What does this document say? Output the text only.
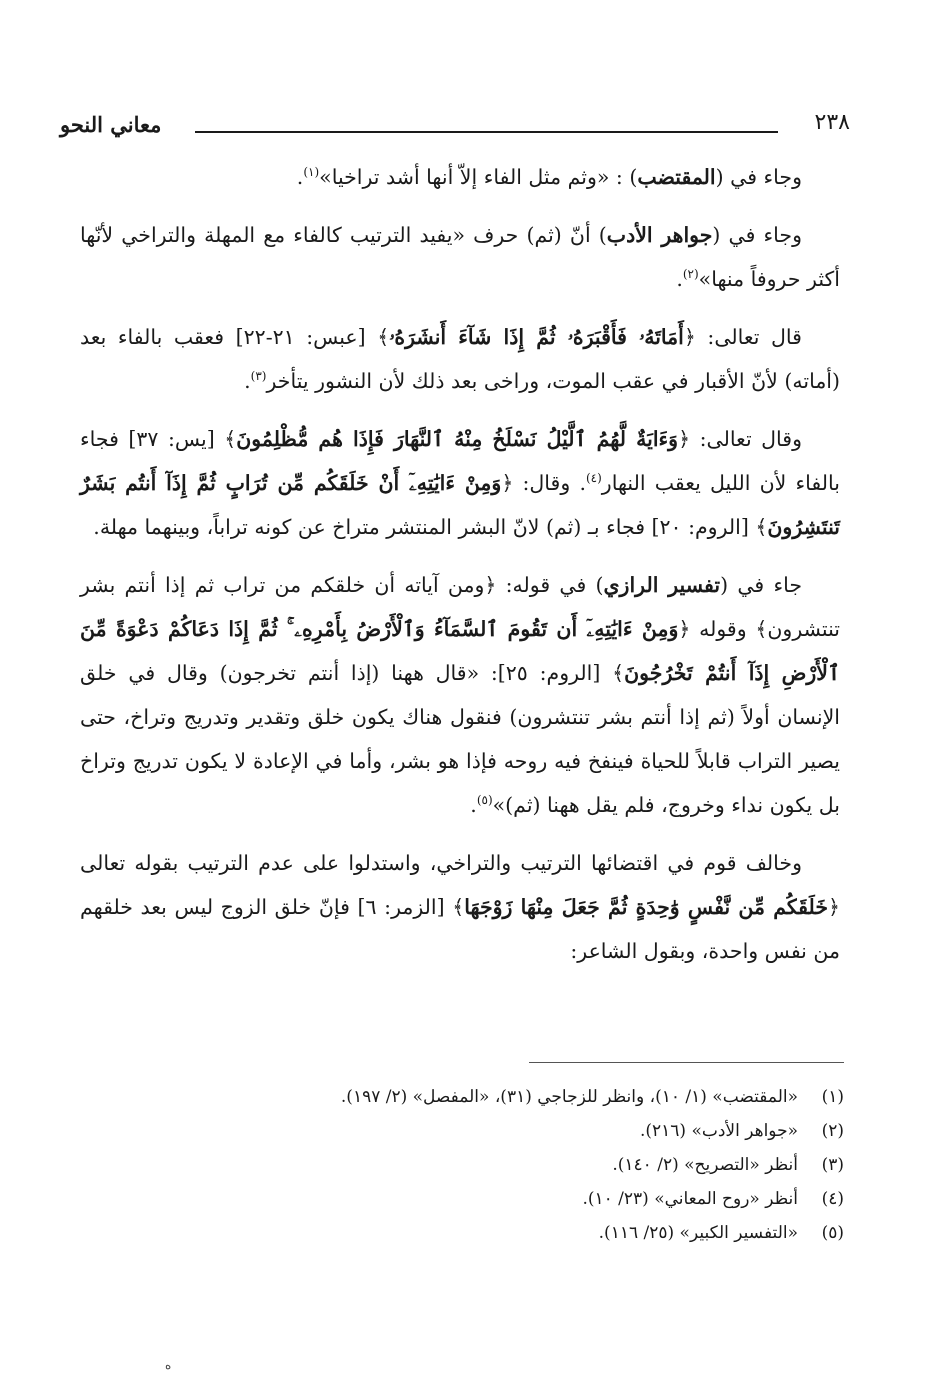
معاني النحو	٢٣٨

وجاء في (المقتضب) : «وثم مثل الفاء إلاّ أنها أشد تراخيا»$^{(١)}$.

وجاء في (جواهر الأدب) أنّ (ثم) حرف «يفيد الترتيب كالفاء مع المهلة والتراخي لأنّها أكثر حروفاً منها»$^{(٢)}$.

قال تعالى: ﴿أَمَاتَهُۥ فَأَقْبَرَهُۥ ثُمَّ إِذَا شَآءَ أَنشَرَهُۥ﴾ [عبس: ٢١-٢٢] فعقب بالفاء بعد (أماته) لأنّ الأقبار في عقب الموت، وراخى بعد ذلك لأن النشور يتأخر$^{(٣)}$.

وقال تعالى: ﴿وَءَايَةٌ لَّهُمُ ٱلَّيْلُ نَسْلَخُ مِنْهُ ٱلنَّهَارَ فَإِذَا هُم مُّظْلِمُونَ﴾ [يس: ٣٧] فجاء بالفاء لأن الليل يعقب النهار$^{(٤)}$. وقال: ﴿وَمِنْ ءَايَٰتِهِۦٓ أَنْ خَلَقَكُم مِّن تُرَابٍ ثُمَّ إِذَآ أَنتُم بَشَرٌ تَنتَشِرُونَ﴾ [الروم: ٢٠] فجاء بـ (ثم) لانّ البشر المنتشر متراخ عن كونه تراباً، وبينهما مهلة.

جاء في (تفسير الرازي) في قوله: ﴿ومن آياته أن خلقكم من تراب ثم إذا أنتم بشر تنتشرون﴾ وقوله ﴿وَمِنْ ءَايَٰتِهِۦٓ أَن تَقُومَ ٱلسَّمَآءُ وَٱلْأَرْضُ بِأَمْرِهِۦ ۚ ثُمَّ إِذَا دَعَاكُمْ دَعْوَةً مِّنَ ٱلْأَرْضِ إِذَآ أَنتُمْ تَخْرُجُونَ﴾ [الروم: ٢٥]: «قال ههنا (إذا أنتم تخرجون) وقال في خلق الإنسان أولاً (ثم إذا أنتم بشر تنتشرون) فنقول هناك يكون خلق وتقدير وتدريج وتراخ، حتى يصير التراب قابلاً للحياة فينفخ فيه روحه فإذا هو بشر، وأما في الإعادة لا يكون تدريج وتراخ بل يكون نداء وخروج، فلم يقل ههنا (ثم)»$^{(٥)}$.

وخالف قوم في اقتضائها الترتيب والتراخي، واستدلوا على عدم الترتيب بقوله تعالى ﴿خَلَقَكُم مِّن نَّفْسٍ وَٰحِدَةٍ ثُمَّ جَعَلَ مِنْهَا زَوْجَهَا﴾ [الزمر: ٦] فإنّ خلق الزوج ليس بعد خلقهم من نفس واحدة، وبقول الشاعر:

(١)
«المقتضب» (١/ ١٠)، وانظر للزجاجي (٣١)، «المفصل» (٢/ ١٩٧).
(٢)
«جواهر الأدب» (٢١٦).
(٣)
أنظر «التصريح» (٢/ ١٤٠).
(٤)
أنظر «روح المعاني» (٢٣/ ١٠).
(٥)
«التفسير الكبير» (٢٥/ ١١٦).
ه
